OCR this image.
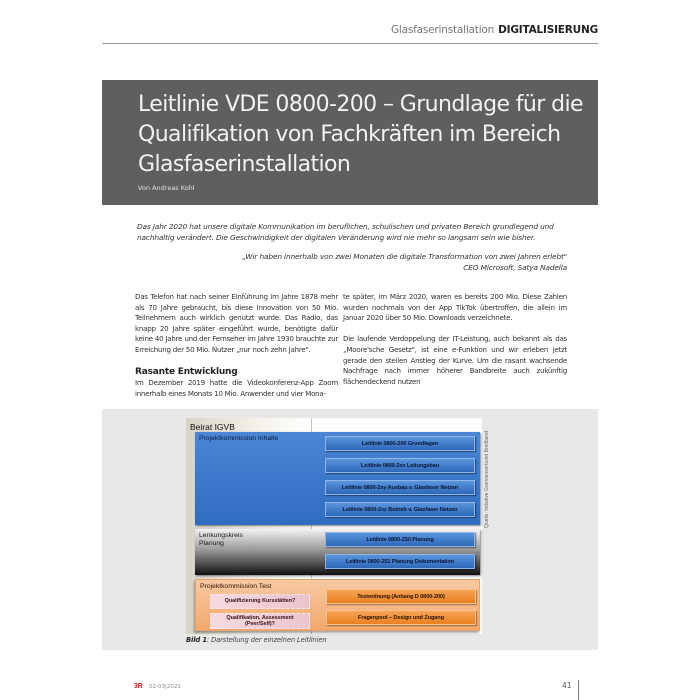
Glasfaserinstallation DIGITALISIERUNG
Leitlinie VDE 0800-200 – Grundlage für die Qualifikation von Fachkräften im Bereich Glasfaserinstallation
Von Andreas Kohl
Das Jahr 2020 hat unsere digitale Kommunikation im beruflichen, schulischen und privaten Bereich grundlegend und nachhaltig verändert. Die Geschwindigkeit der digitalen Veränderung wird nie mehr so langsam sein wie bisher.
„Wir haben innerhalb von zwei Monaten die digitale Transformation von zwei Jahren erlebt"
CEO Microsoft, Satya Nadella

Das Telefon hat nach seiner Einführung im Jahre 1878 mehr als 70 Jahre gebraucht, bis diese Innovation von 50 Mio. Teilnehmern auch wirklich genutzt wurde. Das Radio, das knapp 20 Jahre später eingeführt wurde, benötigte dafür keine 40 Jahre und der Fernseher im Jahre 1930 brauchte zur Erreichung der 50 Mio. Nutzer „nur noch zehn Jahre".

Rasante Entwicklung

Im Dezember 2019 hatte die Videokonferenz-App Zoom innerhalb eines Monats 10 Mio. Anwender und vier Mona-

te später, im März 2020, waren es bereits 200 Mio. Diese Zahlen wurden nochmals von der App TikTok übertroffen, die allein im Januar 2020 über 50 Mio. Downloads verzeichnete.

Die laufende Verdoppelung der IT-Leistung, auch bekannt als das „Moore'sche Gesetz", ist eine e-Funktion und wir erleben jetzt gerade den steilen Anstieg der Kurve. Um die rasant wachsende Nachfrage nach immer höherer Bandbreite auch zukünftig flächendeckend nutzen

Beirat IGVB
Projektkommission Inhalte
Leitlinie 0800-200 Grundlagen
Leitlinie 0800-2xx Leitungsbau
Leitlinie 0800-2xy Ausbau v. Glasfaser Netzen
Leitlinie 0800-2xz Betrieb v. Glasfaser Netzen
Lenkungskreis
Planung
Leitlinie 0800-250 Planung
Leitlinie 0800-251 Planung Dokumentation
Projektkommission Test
Qualifizierung Kursstätten?
Qualifikation, Assessment (Peer/Self)?
Testordnung (Anhang D 0800-200)
Fragenpool – Design und Zugang
Quelle: Initiative Gremienverbund Breitband
Bild 1: Darstellung der einzelnen Leitlinien
3R 02-03|2021	41
